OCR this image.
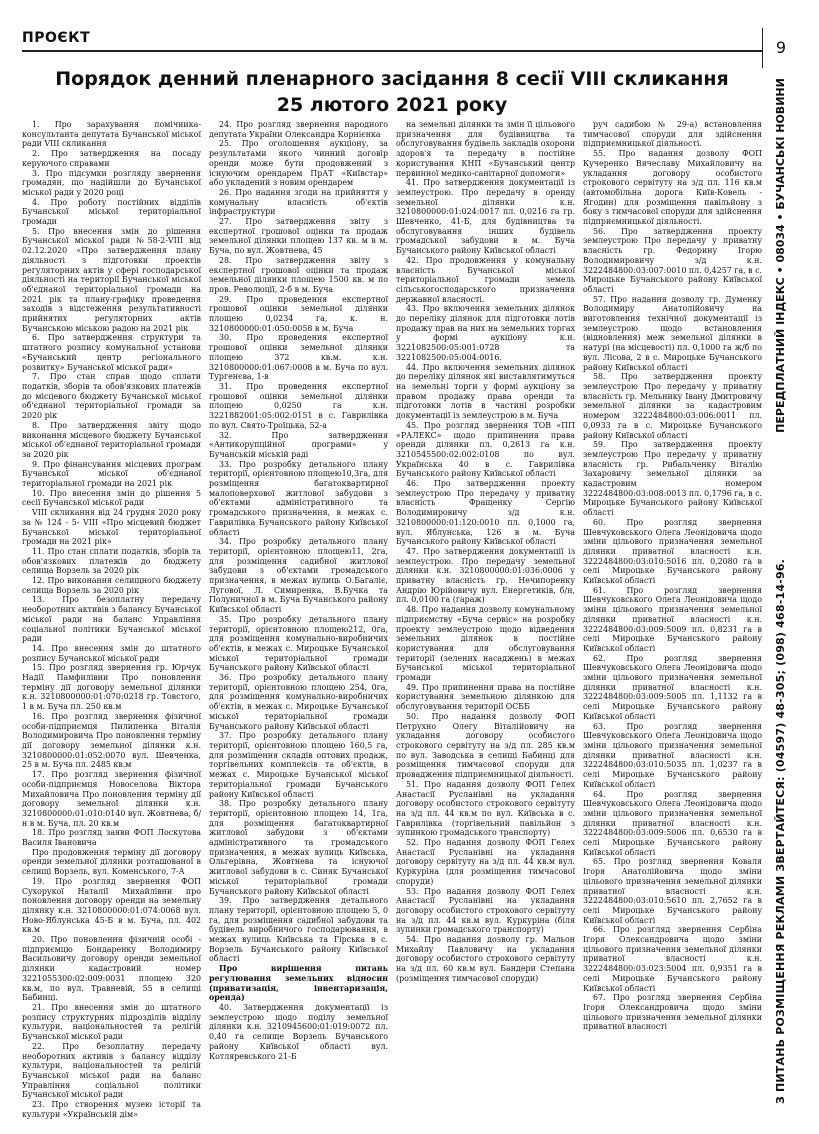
ПРОЄКТ	9
ПЕРЕДПЛАТНИЙ ІНДЕКС • 08034 • БУЧАНСЬКІ НОВИНИ
З ПИТАНЬ РОЗМІЩЕННЯ РЕКЛАМИ ЗВЕРТАЙТЕСЯ: (04597) 48-305; (098) 468-14-96.
Порядок денний пленарного засідання 8 сесії VIII скликання
25 лютого 2021 року

1. Про зарахування помічника-консультанта депутата Бучанської міської ради VIII скликання

2. Про затвердження на посаду керуючого справами

3. Про підсумки розгляду звернення громадян, що надійшли до Бучанської міської ради у 2020 році

4. Про роботу постійних відділів Бучанської міської територіальної громади

5. Про внесення змін до рішення Бучанської міської ради №58-2-VIII від 02.12.2020 «Про затвердження плану діяльності з підготовки проектів регуляторних актів у сфері господарської діяльності на території Бучанської міської об'єднаної територіальної громади на 2021 рік та плану-графіку проведення заходів з відстеження результативності прийнятих регуляторних актів Бучанською міською радою на 2021 рік

6. Про затвердження структури та штатного розпису комунальної установи «Бучанський центр регіонального розвитку» Бучанської міської ради»

7. Про стан справ щодо сплати податків, зборів та обов'язкових платежів до місцевого бюджету Бучанської міської об'єднаної територіальної громади за 2020 рік

8. Про затвердження звіту щодо виконання місцевого бюджету Бучанської міської об'єднаної територіальної громади за 2020 рік

9. Про фінансування місцевих програм Бучанської міської об'єднаної територіальної громади на 2021 рік

10. Про внесення змін до рішення 5 сесії Бучанської міської ради

VIII скликання від 24 грудня 2020 року за № 124 - 5- VIII «Про місцевий бюджет Бучанської міської територіальної громади на 2021 рік»

11. Про стан сплати податків, зборів та обов'язкових платежів до бюджету селища Ворзель за 2020 рік

12. Про виконання селищного бюджету селища Ворзель за 2020 рік

13. Про безоплатну передачу необоротних активів з балансу Бучанської міської ради на баланс Управління соціальної політики Бучанської міської ради

14. Про внесення змін до штатного розпису Бучанської міської ради

15. Про розгляд звернення гр. Юрчук Надії Памфилівни Про поновлення терміну дії договору земельної ділянки к.н. 3210800000:01:070:0218 гр. Товстого, 1 в м. Буча пл. 250 кв.м

16. Про розгляд звернення фізичної особи-підприємця Пилипенка Віталія Володимировича Про поновлення терміну дії договору земельної ділянки к.н. 3210800000:01:052:0070 вул. Шевченка, 25 в м. Буча пл. 2485 кв.м

17. Про розгляд звернення фізичної особи-підприємця Новоселова Віктора Михайловича Про поновлення терміну дії договору земельної ділянки к.н. 3210800000:01:010:0140 вул. Жовтнева, б/н в м. Буча, пл. 20 кв.м

18. Про розгляд заяви ФОП Лоскутова Василя Івановича

Про продовження терміну дії договору оренди земельної ділянки розташованої в селищі Ворзель, вул. Коменського, 7-А

19. Про розгляд звернення ФОП Сухорукої Наталії Михайлівни про поновлення договору оренди на земельну ділянку к.н. 3210800000:01:074:0068 вул. Ново-Яблунська 45-Б в м. Буча, пл. 402 кв.м

20. Про поновлення фізичній особі - підприємцю Бондаренку Володимиру Васильовичу договору оренди земельної ділянки кадастровий номер 3221055300:02:009:0031 площею 320 кв.м, по вул. Травневій, 55 в селищі Бабинці.

21. Про внесення змін до штатного розпису структурних підрозділів відділу культури, національностей та релігій Бучанської міської ради

22. Про безоплатну передачу необоротних активів з балансу відділу культури, національностей та релігій Бучанської міської ради на баланс Управління соціальної політики Бучанської міської ради

23. Про створення музею історії та культури «Українській дім»

24. Про розгляд звернення народного депутата України Олександра Корнієнка

25. Про оголошення аукціону, за результатами якого чинний договір оренди може бути продовжений з існуючим орендарем ПрАТ «Київстар» або укладений з новим орендарем

26. Про надання згоди на прийняття у комунальну власність об'єктів інфраструктури

27. Про затвердження звіту з експертної грошової оцінки та продаж земельної ділянки площею 137 кв. м в м. Буча, по вул. Жовтнева, 45

28. Про затвердження звіту з експертної грошової оцінки та продаж земельної ділянки площею 1500 кв. м по пров. Революції, 2-б в м. Буча

29. Про проведення експертної грошової оцінки земельної ділянки площею 0,0234 га, к. н. 3210800000:01:050:0058 в м. Буча

30. Про проведення експертної грошової оцінки земельної ділянки площею 372 кв.м. к.н. 3210800000:01:067:0008 в м. Буча по вул. Тургенєва, 1-в

31. Про проведення експертної грошової оцінки земельної ділянки площею 0,0250 га к.н. 3221882001:05:002:0151 в с. Гаврилівка по вул. Свято-Троїцька, 52-а

32. Про затвердження «Антикорупційної програми» у Бучанській міській раді

33. Про розробку детального плану території, орієнтовною площею10,3га, для розміщення багатоквартирної малоповерхової житлової забудови з об'єктами адміністративного та громадського призначення, в межах с. Гаврилівка Бучанського району Київської області

34. Про розробку детального плану території, орієнтовною площею11, 2га, для розміщення садибної житлової забудови з об'єктами громадського призначення, в межах вулиць О.Багаліє, Лугової, Л. Симиренка, В.Бучка та Полуничної в м. Буча Бучанського району Київської області

35. Про розробку детального плану території, орієнтовною площею212, 0га, для розміщення комунально-виробничих об'єктів, в межах с. Мироцьке Бучанської міської територіальної громади Бучанського району Київської області

36. Про розробку детального плану території, орієнтовною площею 254, 0га, для розміщення комунально-виробничих об'єктів, в межах с. Мироцьке Бучанської міської територіальної громади Бучанського району Київської області

37. Про розробку детального плану території, орієнтовною площею 160,5 га, для розміщення складів оптових продаж, торгівельних комплексів та об'єктів, в межах с. Мироцьке Бучанської міської територіальної громади Бучанського району Київської області

38. Про розробку детального плану території, орієнтовною площею 14, 1га, для розміщення багатоквартирної житлової забудови з об'єктами адміністративного та громадського призначення, в межах вулиць Київська, Ольгерівна, Жовтнева та існуючої житлової забудови в с. Синяк Бучанської міської територіальної громади Бучанського району Київської області

39. Про затвердження детального плану території, орієнтовною площею 5, 0 га, для розміщення садибної забудови та будівель виробничого господарювання, в межах вулиць Київська та Гірська в с. Ворзель Бучанського району Київської області

Про вирішення питань регулювання земельних відносин (приватизація, інвентаризація, оренда)

40. Затвердження документації із землеустрою щодо поділу земельної ділянки к.н. 3210945600:01:019:0072 пл. 0,40 га селище Ворзель Бучанського району Київської області вул. Котляревського 21-Б

на земельні ділянки та змін її цільового призначення для будівництва та обслуговування будівель закладів охорони здоров'я та передачу в постійне користування КНП «Бучанський центр первинної медико-санітарної допомоги»

41. Про затвердження документації із землеустрою. Про передачу в оренду земельної ділянки к.н. 3210800000:01:024:0017 пл. 0,0216 га гр. Шевченко, 41-Б, для будівництва та обслуговування інших будівель громадської забудови в м. Буча Бучанського району Київської області

42. Про продовження у комунальну власність Бучанської міської територіальної громади земель сільськогосподарського призначення державної власності.

43. Про включення земельних ділянок до переліку ділянок для підготовки лотів продажу прав на них на земельних торгах у формі аукціону к.н. 3221082500:05:001:0728 та 3221082500:05:004:0016.

44. Про включення земельних ділянок до переліку ділянок які виставлятимуться на земельні торги у формі аукціону за правом продажу права оренди та підготовки лотів в частині розробки документації із землеустрою в м. Буча

45. Про розгляд звернення ТОВ «ПП «РАЛЕКС» щодо припинення права оренди ділянки пл. 0,2613 га к.н. 3210545500:02:002:0108 по вул. Українська 40 в с. Гаврилівка Бучанського району Київської області

46. Про затвердження проекту землеустрою Про передачу у приватну власність Фращенку Сергію Володимировичу з/д к.н. 3210800000:01:120:0010 пл. 0,1000 га, вул. Яблунська, 126 в м. Буча Бучанського району Київської області

47. Про затвердження документації із землеустрою. Про передачу земельної ділянки к.н. 3210800000:01:036:0006 у приватну власність гр. Нечипоренку Андрію Юрійовичу вул. Енергетиків, б/н, пл. 0,0100 га (гараж)

48. Про надання дозволу комунальному підприємству «Буча сервіс» на розробку проекту землеустрою щодо відведення земельних ділянок в постійне користування для обслуговування території (зелених насаджень) в межах Бучанської міської територіальної громади

49. Про припинення права на постійне користування земельною ділянкою для обслуговування території ОСББ

50. Про надання дозволу ФОП Петрухно Олегу Віталійовичу на укладання договору особистого строкового сервітуту на з/д пл. 285 кв.м по вул. Заводська в селищі Бабинці для розміщення тимчасової споруди для провадження підприємницької діяльності.

51. Про надання дозволу ФОП Гелех Анастасії Русланівні на укладання договору особистого строкового сервітуту на з/д пл. 44 кв.м по вул. Київська в с. Гаврилівка (торгівельний павільйон з зупинкою громадського транспорту)

52. Про надання дозволу ФОП Гелех Анастасії Русланівні на укладання договору сервітуту на з/д пл. 44 кв.м вул. Куркуріна (для розміщення тимчасової споруди)

53. Про надання дозволу ФОП Гелех Анастасії Русланівні на укладання договору особистого строкового сервітуту на з/д пл. 44 кв.м вул. Куркуріна (біля зупинки громадського транспорту)

54. Про надання дозволу гр. Мальон Михайлу Павловичу на укладання договору особистого строкового сервітуту на з/д пл. 60 кв.м вул. Бандери Степана (розміщення тимчасової споруди)

руч садибою № 29-а) встановлення тимчасової споруди для здійснення підприємницької діяльності.

55. Про надання дозволу ФОП Кучеренко Вячеславу Михайловичу на укладання договору особистого строкового сервітуту на з/д пл. 116 кв.м (автомобільна дорога Київ-Ковель - Ягодин) для розміщення павільйону з боку з тимчасової споруди для здійснення підприємницької діяльності.

56. Про затвердження проекту землеустрою Про передачу у приватну власність гр. Федорину Ігорю Володимировичу з/д к.н. 3222484800:03:007:0010 пл. 0,4257 га, в с. Мироцьке Бучанського району Київської області

57. Про надання дозволу гр. Думенку Володимиру Анатолійовичу на виготовлення технічної документації із землеустрою щодо встановлення (відновлення) меж земельної ділянки в натурі (на місцевості) пл. 0,1000 га ж/б по вул. Лісова, 2 в с. Мироцьке Бучанського району Київської області

58. Про затвердження проекту землеустрою Про передачу у приватну власність гр. Мельнику Івану Дмитровичу земельної ділянки за кадастровим номером 3222484800:03:006:0011 пл. 0,0933 га в с. Мироцьке Бучанського району Київської області

59. Про затвердження проекту землеустрою Про передачу у приватну власність гр. Рибальченку Віталію Захаровичу земельної ділянки за кадастровим номером 3222484800:03:008:0013 пл. 0,1796 га, в с. Мироцьке Бучанського району Київської області

60. Про розгляд звернення Шевчуковського Олега Леонідовича щодо зміни цільового призначення земельної ділянки приватної власності к.н. 3222484800:03:010:5016 пл. 0,2080 га в селі Мироцьке Бучанського району Київської області

61. Про розгляд звернення Шевчуковського Олега Леонідовича щодо зміни цільового призначення земельної ділянки приватної власності к.н. 3222484800:03:009:5009 пл. 0,8231 га в селі Мироцьке Бучанського району Київської області

62. Про розгляд звернення Шевчуковського Олега Леонідовича щодо зміни цільового призначення земельної ділянки приватної власності к.н. 3222484800:03:009:5005 пл. 1,1132 га в селі Мироцьке Бучанського району Київської області

63. Про розгляд звернення Шевчуковського Олега Леонідовича щодо зміни цільового призначення земельної ділянки приватної власності к.н. 3222484800:03:010:5035 пл. 1,0237 га в селі Мироцьке Бучанського району Київської області

64. Про розгляд звернення Шевчуковського Олега Леонідовича щодо зміни цільового призначення земельної ділянки приватної власності к.н. 3222484800:03:009:5006 пл. 0,6530 га в селі Мироцьке Бучанського району Київської області

65. Про розгляд звернення Коваля Ігоря Анатолійовича щодо зміни цільового призначення земельної ділянки приватної власності к.н. 3222484800:03:010:5610 пл. 2,7652 га в селі Мироцьке Бучанського району Київської області

66. Про розгляд звернення Сербіна Ігоря Олександровича щодо зміни цільового призначення земельної ділянки приватної власності к.н. 3222484800:03:023:5004 пл. 0,9351 га в селі Мироцьке Бучанського району Київської області

67. Про розгляд звернення Сербіна Ігоря Олександровича щодо зміни цільового призначення земельної ділянки приватної власності
